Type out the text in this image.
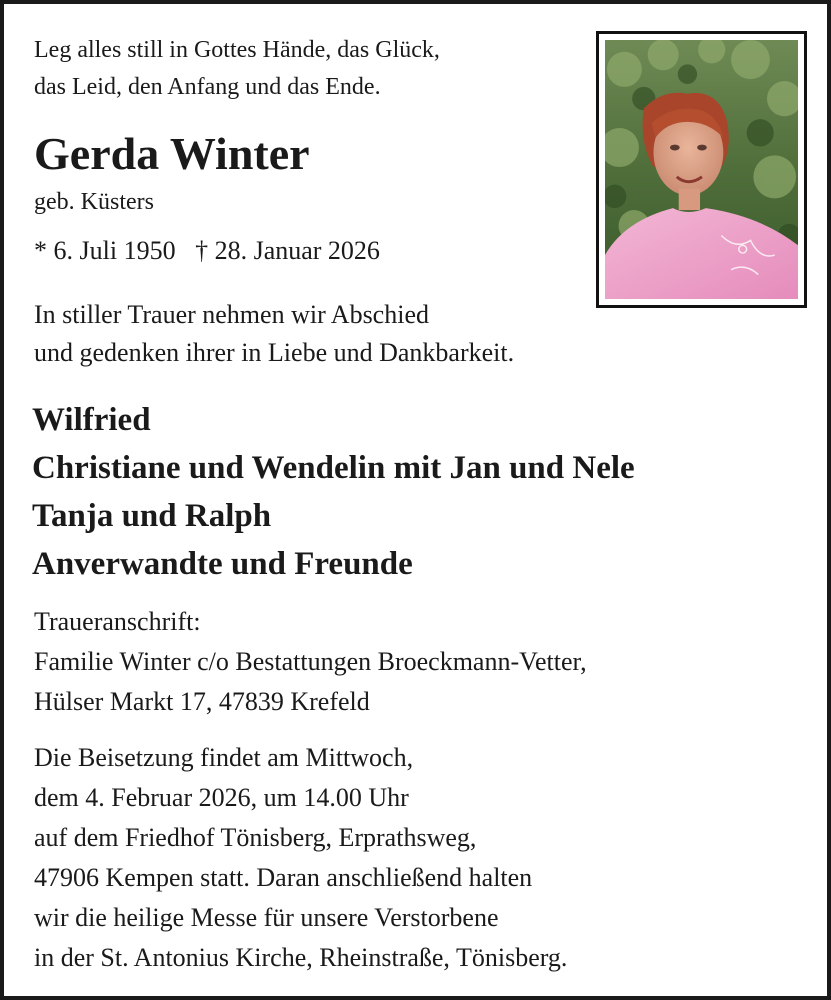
Leg alles still in Gottes Hände, das Glück,
das Leid, den Anfang und das Ende.
Gerda Winter
geb. Küsters
* 6. Juli 1950 † 28. Januar 2026
In stiller Trauer nehmen wir Abschied
und gedenken ihrer in Liebe und Dankbarkeit.
Wilfried
Christiane und Wendelin mit Jan und Nele
Tanja und Ralph
Anverwandte und Freunde
Traueranschrift:
Familie Winter c/o Bestattungen Broeckmann-Vetter,
Hülser Markt 17, 47839 Krefeld
Die Beisetzung findet am Mittwoch,
dem 4. Februar 2026, um 14.00 Uhr
auf dem Friedhof Tönisberg, Erprathsweg,
47906 Kempen statt. Daran anschließend halten
wir die heilige Messe für unsere Verstorbene
in der St. Antonius Kirche, Rheinstraße, Tönisberg.
